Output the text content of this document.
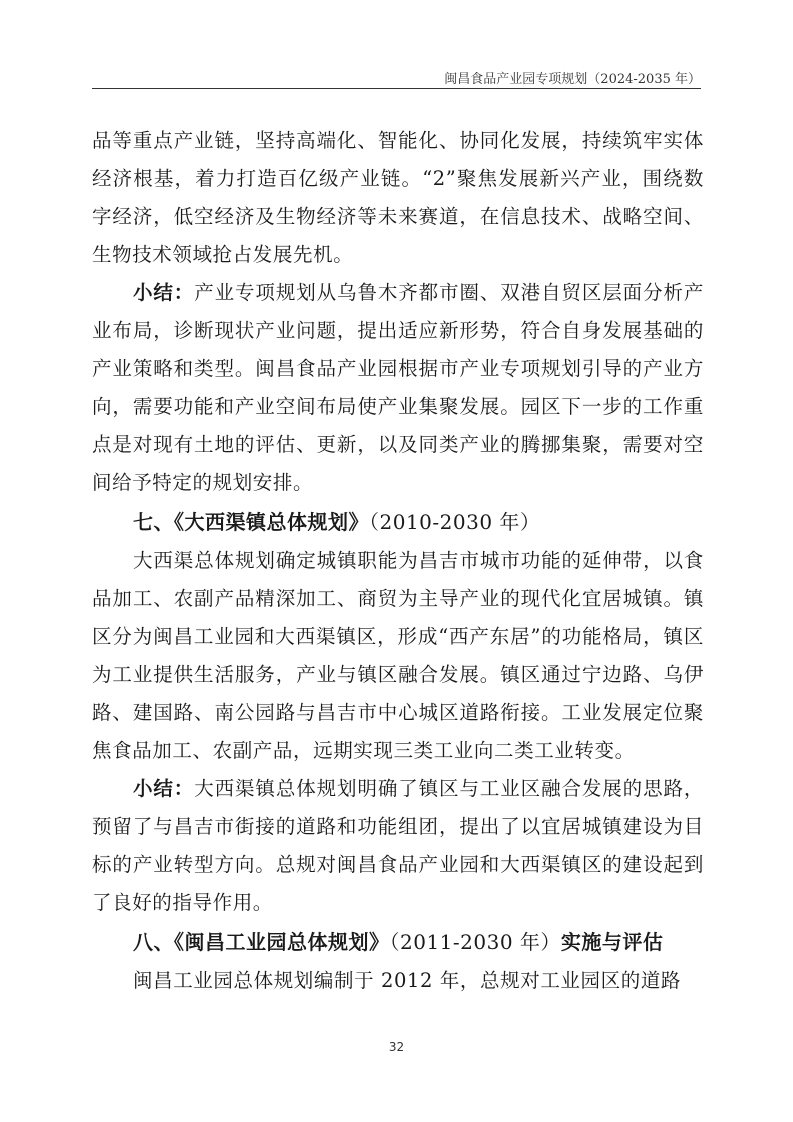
闽昌食品产业园专项规划（2024-2035 年）

品等重点产业链，坚持高端化、智能化、协同化发展，持续筑牢实体经济根基，着力打造百亿级产业链。“2”聚焦发展新兴产业，围绕数字经济，低空经济及生物经济等未来赛道，在信息技术、战略空间、生物技术领域抢占发展先机。

小结：产业专项规划从乌鲁木齐都市圈、双港自贸区层面分析产业布局，诊断现状产业问题，提出适应新形势，符合自身发展基础的产业策略和类型。闽昌食品产业园根据市产业专项规划引导的产业方向，需要功能和产业空间布局使产业集聚发展。园区下一步的工作重点是对现有土地的评估、更新，以及同类产业的腾挪集聚，需要对空间给予特定的规划安排。

七、《大西渠镇总体规划》（2010-2030 年）

大西渠总体规划确定城镇职能为昌吉市城市功能的延伸带，以食品加工、农副产品精深加工、商贸为主导产业的现代化宜居城镇。镇区分为闽昌工业园和大西渠镇区，形成“西产东居”的功能格局，镇区为工业提供生活服务，产业与镇区融合发展。镇区通过宁边路、乌伊路、建国路、南公园路与昌吉市中心城区道路衔接。工业发展定位聚焦食品加工、农副产品，远期实现三类工业向二类工业转变。

小结：大西渠镇总体规划明确了镇区与工业区融合发展的思路，预留了与昌吉市街接的道路和功能组团，提出了以宜居城镇建设为目标的产业转型方向。总规对闽昌食品产业园和大西渠镇区的建设起到了良好的指导作用。

八、《闽昌工业园总体规划》（2011-2030 年）实施与评估

闽昌工业园总体规划编制于 2012 年，总规对工业园区的道路

32
